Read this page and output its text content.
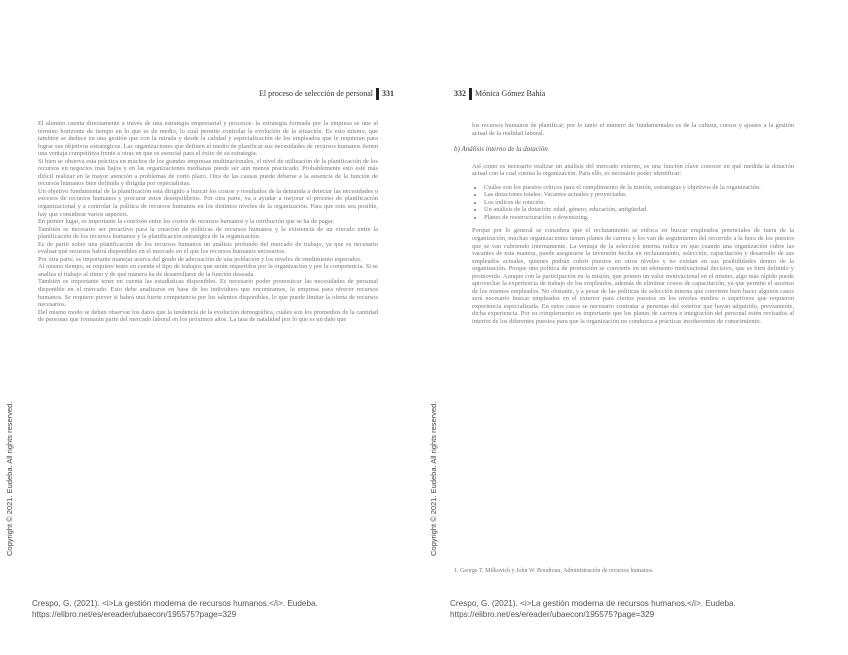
El proceso de selección de personal 331

El alumno cuenta directamente a través de una estrategia empresarial y procesos: la estrategia formada por la empresa se une al término horizonte de tiempo en lo que es de medio, lo cual permite controlar la evolución de la situación. Es esto mismo, que también se deduce en una gestión que con la mirada y desde la calidad y especialización de los empleados que le requieran para lograr sus objetivos estratégicos. Las organizaciones que definen el medio de planificar sus necesidades de recursos humanos tienen una ventaja competitiva frente a otras en que es esencial para el éxito de su estrategia.

Si bien se observa esta práctica en muchos de los grandes empresas multinacionales, el nivel de utilización de la planificación de los recursos en negocios más bajos y en las organizaciones medianas puede ser aún menos practicado. Probablemente esto esté más difícil realizar en la mayor atención a problemas de corto plazo. Otra de las causas puede deberse a la ausencia de la función de recursos humanos bien definida y dirigida por especialistas.

Un objetivo fundamental de la planificación está dirigido a buscar los costos y resultados de la demanda a detectar las necesidades o excesos de recursos humanos y procurar estos desequilibrios. Por otra parte, va a ayudar a mejorar el proceso de planificación organizacional y a controlar la política de recursos humanos en los distintos niveles de la organización. Para que esto sea posible, hay que considerar varios aspectos.

En primer lugar, es importante la conexión entre los costos de recursos humanos y la retribución que se ha de pagar.

También es necesario ser proactivo para la creación de políticas de recursos humanos y la existencia de un vínculo entre la planificación de los recursos humanos y la planificación estratégica de la organización.

Es de partir sobre una planificación de los recursos humanos un análisis profundo del mercado de trabajo, ya que es necesario evaluar qué recursos habrá disponibles en el mercado en el que los recursos humanos necesarios.

Por otra parte, es importante manejar acerca del grado de adecuación de una población y los niveles de rendimiento esperados.

Al mismo tiempo, se requiere tener en cuenta el tipo de trabajos que serán requeridos por la organización y por la competencia. Si se analiza el trabajo al ritmo y de qué manera ha de desarrollarse de la función deseada.

También es importante tener en cuenta las estadísticas disponibles. Es necesario poder pronosticar las necesidades de personal disponible en el mercado. Esto debe analizarse en base de los individuos que encontramos, la empresa para ofrecer recursos humanos. Se requiere prever si habrá una fuerte competencia por los talentos disponibles, lo que puede limitar la oferta de recursos necesarios.

Del mismo modo se deben observar los datos que la tendencia de la evolución demográfica, cuáles son los promedios de la cantidad de personas que formarán parte del mercado laboral en los próximos años. La tasa de natalidad por lo que es un dato que

Copyright © 2021. Eudeba. All rights reserved.
Crespo, G. (2021). <i>La gestión moderna de recursos humanos.</i>. Eudeba. https://elibro.net/es/ereader/ubaecon/195575?page=329
332 Mónica Gómez Bahía

los recursos humanos de planificar, por lo tanto el número de fundamentales es de la cultura, cursos y ajustes a la gestión actual de la realidad laboral.

b) Análisis interno de la dotación

Así como es necesario realizar un análisis del mercado externo, es una función clave conocer en qué medida la dotación actual con la cual cuenta la organización. Para ello, es necesario poder identificar:

• Cuáles son los puestos críticos para el cumplimiento de la misión, estrategias y objetivos de la organización.
• Las dotaciones totales: Vacantes actuales y proyectadas.
• Los índices de rotación.
• Un análisis de la dotación: edad, género, educación, antigüedad.
• Planes de reestructuración o downsizing.

Porque por lo general se considera que el reclutamiento se enfoca en buscar empleados potenciales de fuera de la organización, muchas organizaciones tienen planes de carrera y los van de seguimiento del recorrido a la hora de los puestos que se van cubriendo internamente. La ventaja de la selección interna radica en que cuando una organización cubre las vacantes de esta manera, puede asegurarse la inversión hecha en reclutamiento, selección, capacitación y desarrollo de sus empleados actuales, quienes podrán cubrir puestos en otros niveles y no existan en sus posibilidades dentro de la organización. Porque una política de promoción se convierte en un elemento motivacional decisivo, que es bien definido y promovido. Aunque con la participación en la misión, que poseen un valor motivacional en el mismo, algo más rápido puede aprovechar la experiencia de trabajo de los empleados, además de eliminar costos de capacitación, ya que permite el ascenso de los mismos empleados. No obstante, y a pesar de las políticas de selección interna que conviene bien hacer algunos casos será necesario buscar empleados en el exterior para ciertos puestos en los niveles medios o superiores que requieren experiencia especializada. En estos casos se necesario contratar a personas del exterior que hayan adquirido, previamente, dicha experiencia. Por su complemento es importante que los planes de carrera e integración del personal estén revisados al interior de los diferentes puestos para que la organización no conduzca a prácticas incoherentes de conocimiento.

1. George T. Milkovich y John W. Boudreau, Administración de recursos humanos.
Crespo, G. (2021). <i>La gestión moderna de recursos humanos.</i>. Eudeba. https://elibro.net/es/ereader/ubaecon/195575?page=329
Copyright © 2021. Eudeba. All rights reserved.
